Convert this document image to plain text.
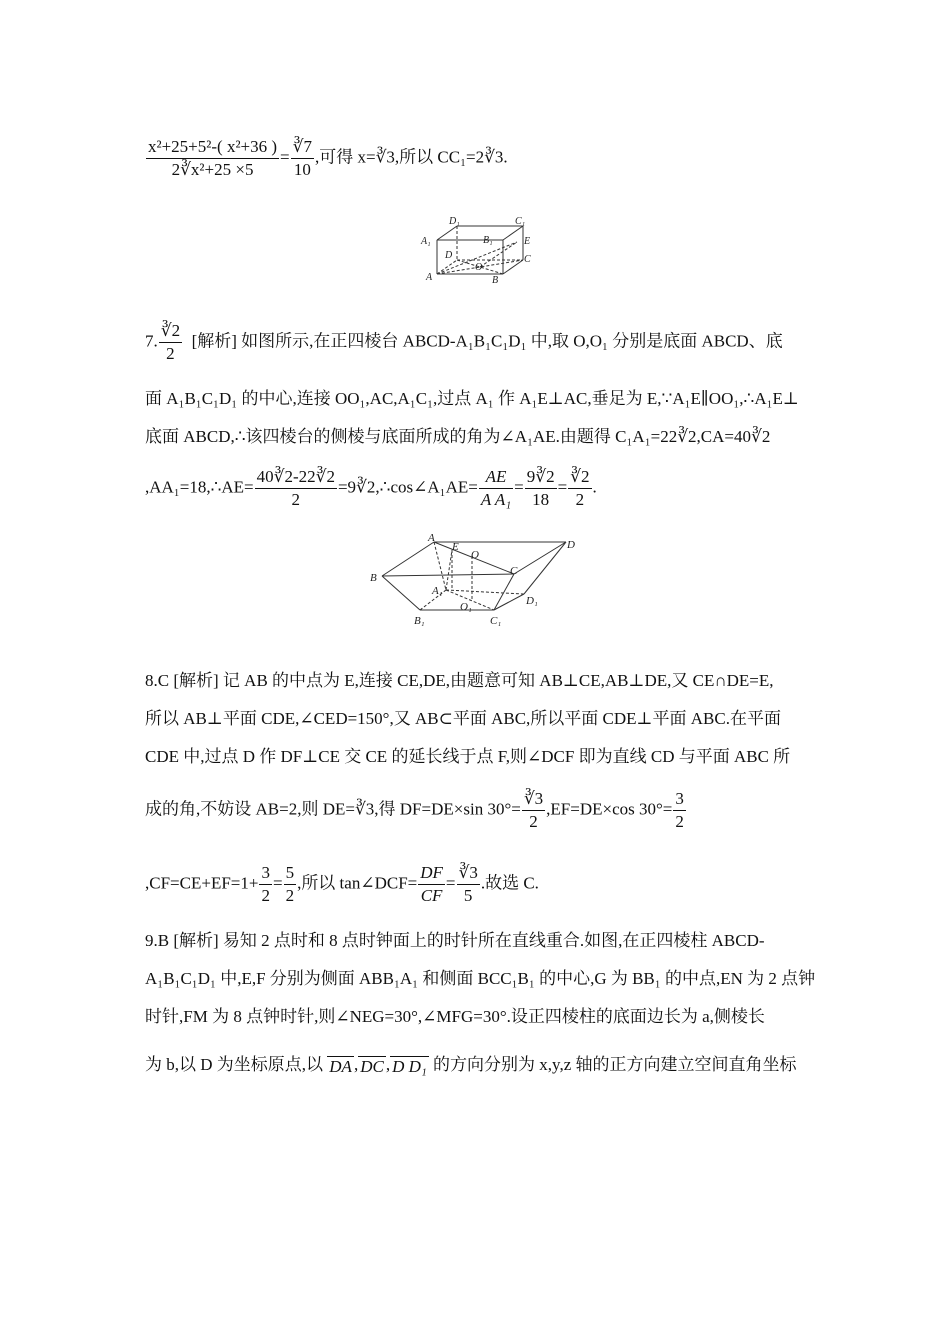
$\frac{\text{x²+25+5²-( x²+36 )}}{\text{2∛x²+25 ×5}} = \frac{∛7}{10}$ ,可得 x=∛3,所以 CC₁=2∛3.
D₁	C₁
A₁	B₁	E
D	C
O
A	B
7. $\frac{∛2}{2}$ [解析] 如图所示,在正四棱台 ABCD-A₁B₁C₁D₁ 中,取 O,O₁ 分别是底面 ABCD、底
面 A₁B₁C₁D₁ 的中心,连接 OO₁,AC,A₁C₁,过点 A₁ 作 A₁E⊥AC,垂足为 E,∵A₁E∥OO₁,∴A₁E⊥
底面 ABCD,∴该四棱台的侧棱与底面所成的角为∠A₁AE.由题得 C₁A₁=22∛2,CA=40∛2
,AA₁=18,∴AE= $\frac{40∛2-22∛2}{2}$ =9∛2,∴cos∠A₁AE= $\frac{AE}{\text{A A₁}} = \frac{9∛2}{18} = \frac{∛2}{2}$ .
A
E
O
D
B
C
A₁
O₁	D₁
B₁	C₁
8.C [解析] 记 AB 的中点为 E,连接 CE,DE,由题意可知 AB⊥CE,AB⊥DE,又 CE∩DE=E,
所以 AB⊥平面 CDE,∠CED=150°,又 AB⊂平面 ABC,所以平面 CDE⊥平面 ABC.在平面
CDE 中,过点 D 作 DF⊥CE 交 CE 的延长线于点 F,则∠DCF 即为直线 CD 与平面 ABC 所
成的角,不妨设 AB=2,则 DE=∛3,得 DF=DE×sin $30^\circ= \frac{∛3}{2} ,EF=DE\times\cos$ $30^\circ= \frac{3}{2}$
$,CF=CE+EF=1+ \frac{3}{2} = \frac{5}{2}$ ,所以 tan∠DCF= $\frac{DF}{CF} = \frac{∛3}{5}$ .故选 C.
9.B [解析] 易知 2 点时和 8 点时钟面上的时针所在直线重合.如图,在正四棱柱 ABCD-
A₁B₁C₁D₁ 中,E,F 分别为侧面 ABB₁A₁ 和侧面 BCC₁B₁ 的中心,G 为 BB₁ 的中点,EN 为 2 点钟
时针,FM 为 8 点钟时针,则∠NEG=30°,∠MFG=30°.设正四棱柱的底面边长为 a,侧棱长
为 b,以 D 为坐标原点,以 DA , DC , D D₁ 的方向分别为 x,y,z 轴的正方向建立空间直角坐标
